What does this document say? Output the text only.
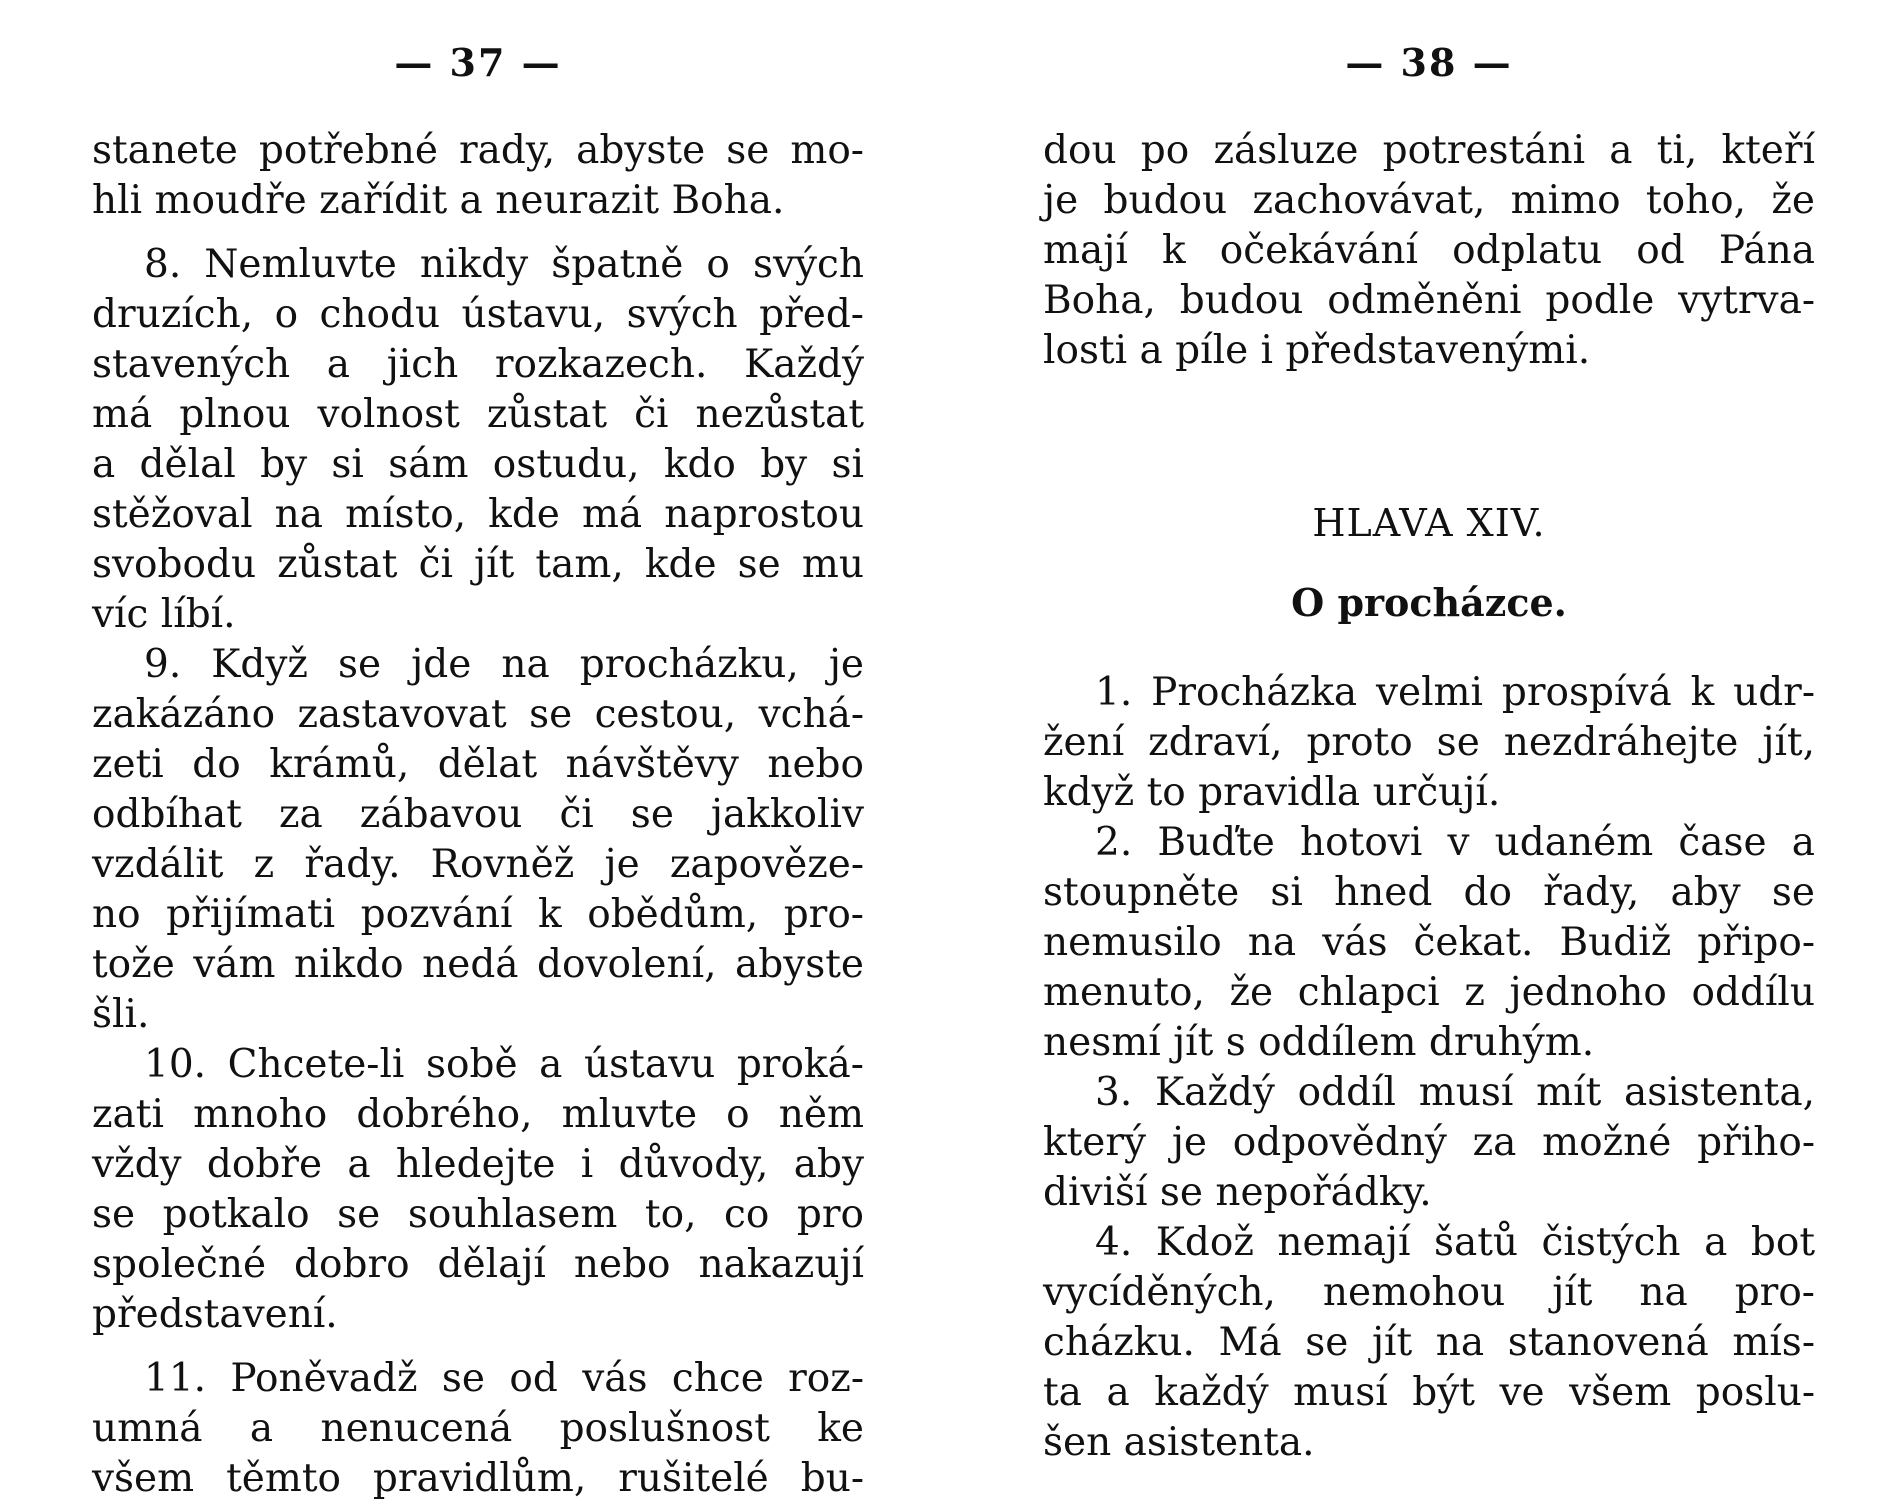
— 37 —
stanete potřebné rady, abyste se mo-
hli moudře zařídit a neurazit Boha.
8. Nemluvte nikdy špatně o svých
druzích, o chodu ústavu, svých před-
stavených a jich rozkazech. Každý
má plnou volnost zůstat či nezůstat
a dělal by si sám ostudu, kdo by si
stěžoval na místo, kde má naprostou
svobodu zůstat či jít tam, kde se mu
víc líbí.
9. Když se jde na procházku, je
zakázáno zastavovat se cestou, vchá-
zeti do krámů, dělat návštěvy nebo
odbíhat za zábavou či se jakkoliv
vzdálit z řady. Rovněž je zapovězе-
no přijímati pozvání k obědům, pro-
tože vám nikdo nedá dovolení, abyste
šli.
10. Chcete-li sobě a ústavu proká-
zati mnoho dobrého, mluvte o něm
vždy dobře a hledejte i důvody, aby
se potkalo se souhlasem to, co pro
společné dobro dělají nebo nakazují
představení.
11. Poněvadž se od vás chce roz-
umná a nenucená poslušnost ke
všem těmto pravidlům, rušitelé bu-
— 38 —
dou po zásluze potrestáni a ti, kteří
je budou zachovávat, mimo toho, že
mají k očekávání odplatu od Pána
Boha, budou odměněni podle vytrva-
losti a píle i představenými.
HLAVA XIV.
O procházce.
1. Procházka velmi prospívá k udr-
žení zdraví, proto se nezdráhejte jít,
když to pravidla určují.
2. Buďte hotovi v udaném čase a
stoupněte si hned do řady, aby se
nemusilo na vás čekat. Budiž připo-
menuto, že chlapci z jednoho oddílu
nesmí jít s oddílem druhým.
3. Každý oddíl musí mít asistenta,
který je odpovědný za možné přiho-
diviší se nepořádky.
4. Kdož nemají šatů čistých a bot
vycíděných, nemohou jít na pro-
cházku. Má se jít na stanovená mís-
ta a každý musí být ve všem poslu-
šen asistenta.
